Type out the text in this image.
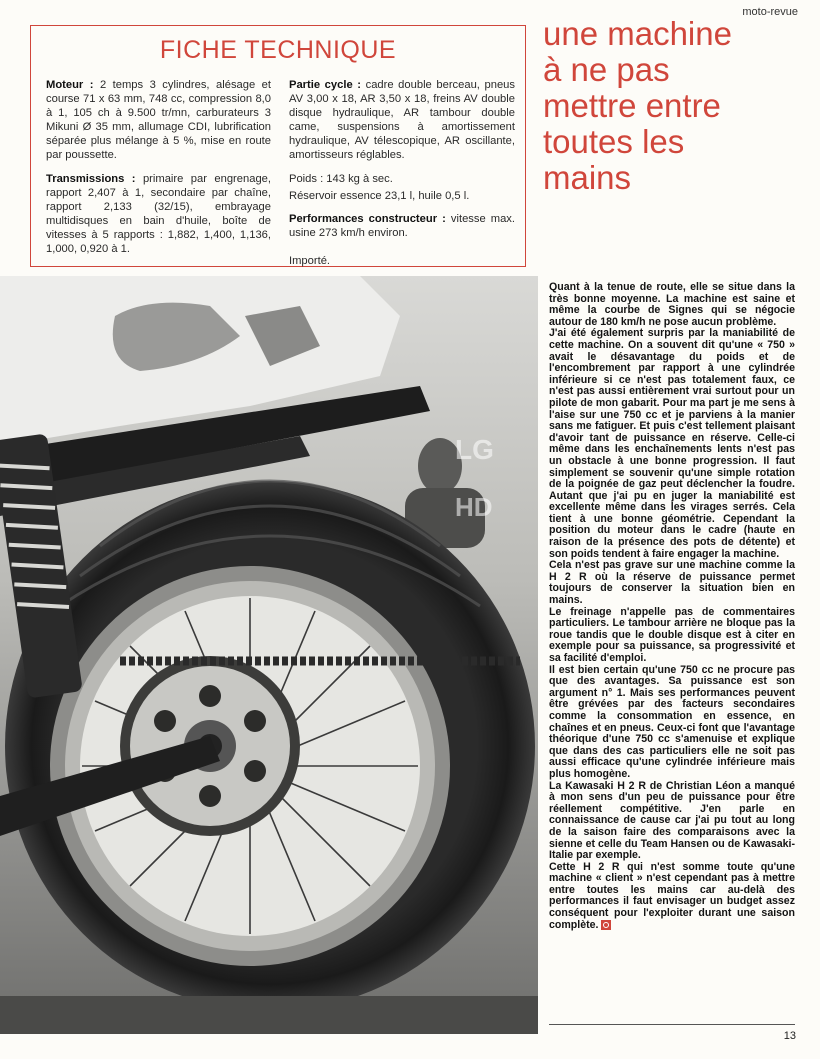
moto-revue
FICHE TECHNIQUE

Moteur : 2 temps 3 cylindres, alésage et course 71 x 63 mm, 748 cc, compression 8,0 à 1, 105 ch à 9.500 tr/mn, carburateurs 3 Mikuni Ø 35 mm, allumage CDI, lubrification séparée plus mélange à 5 %, mise en route par poussette.

Transmissions : primaire par engrenage, rapport 2,407 à 1, secondaire par chaîne, rapport 2,133 (32/15), embrayage multidisques en bain d'huile, boîte de vitesses à 5 rapports : 1,882, 1,400, 1,136, 1,000, 0,920 à 1.

Partie cycle : cadre double berceau, pneus AV 3,00 x 18, AR 3,50 x 18, freins AV double disque hydraulique, AR tambour double came, suspensions à amortissement hydraulique, AV télescopique, AR oscillante, amortisseurs réglables.

Poids : 143 kg à sec.

Réservoir essence 23,1 l, huile 0,5 l.

Performances constructeur : vitesse max. usine 273 km/h environ.

Importé.

une machine
à ne pas
mettre entre
toutes les
mains
LG
HD

Quant à la tenue de route, elle se situe dans la très bonne moyenne. La machine est saine et même la courbe de Signes qui se négocie autour de 180 km/h ne pose aucun problème.

J'ai été également surpris par la maniabilité de cette machine. On a souvent dit qu'une « 750 » avait le désavantage du poids et de l'encombrement par rapport à une cylindrée inférieure si ce n'est pas totalement faux, ce n'est pas aussi entièrement vrai surtout pour un pilote de mon gabarit. Pour ma part je me sens à l'aise sur une 750 cc et je parviens à la manier sans me fatiguer. Et puis c'est tellement plaisant d'avoir tant de puissance en réserve. Celle-ci même dans les enchaînements lents n'est pas un obstacle à une bonne progression. Il faut simplement se souvenir qu'une simple rotation de la poignée de gaz peut déclencher la foudre. Autant que j'ai pu en juger la maniabilité est excellente même dans les virages serrés. Cela tient à une bonne géométrie. Cependant la position du moteur dans le cadre (haute en raison de la présence des pots de détente) et son poids tendent à faire engager la machine.

Cela n'est pas grave sur une machine comme la H 2 R où la réserve de puissance permet toujours de conserver la situation bien en mains.

Le freinage n'appelle pas de commentaires particuliers. Le tambour arrière ne bloque pas la roue tandis que le double disque est à citer en exemple pour sa puissance, sa progressivité et sa facilité d'emploi.

Il est bien certain qu'une 750 cc ne procure pas que des avantages. Sa puissance est son argument n° 1. Mais ses performances peuvent être grévées par des facteurs secondaires comme la consommation en essence, en chaînes et en pneus. Ceux-ci font que l'avantage théorique d'une 750 cc s'amenuise et explique que dans des cas particuliers elle ne soit pas aussi efficace qu'une cylindrée inférieure mais plus homogène.

La Kawasaki H 2 R de Christian Léon a manqué à mon sens d'un peu de puissance pour être réellement compétitive. J'en parle en connaissance de cause car j'ai pu tout au long de la saison faire des comparaisons avec la sienne et celle du Team Hansen ou de Kawasaki-Italie par exemple.

Cette H 2 R qui n'est somme toute qu'une machine « client » n'est cependant pas à mettre entre toutes les mains car au-delà des performances il faut envisager un budget assez conséquent pour l'exploiter durant une saison complète.

13
